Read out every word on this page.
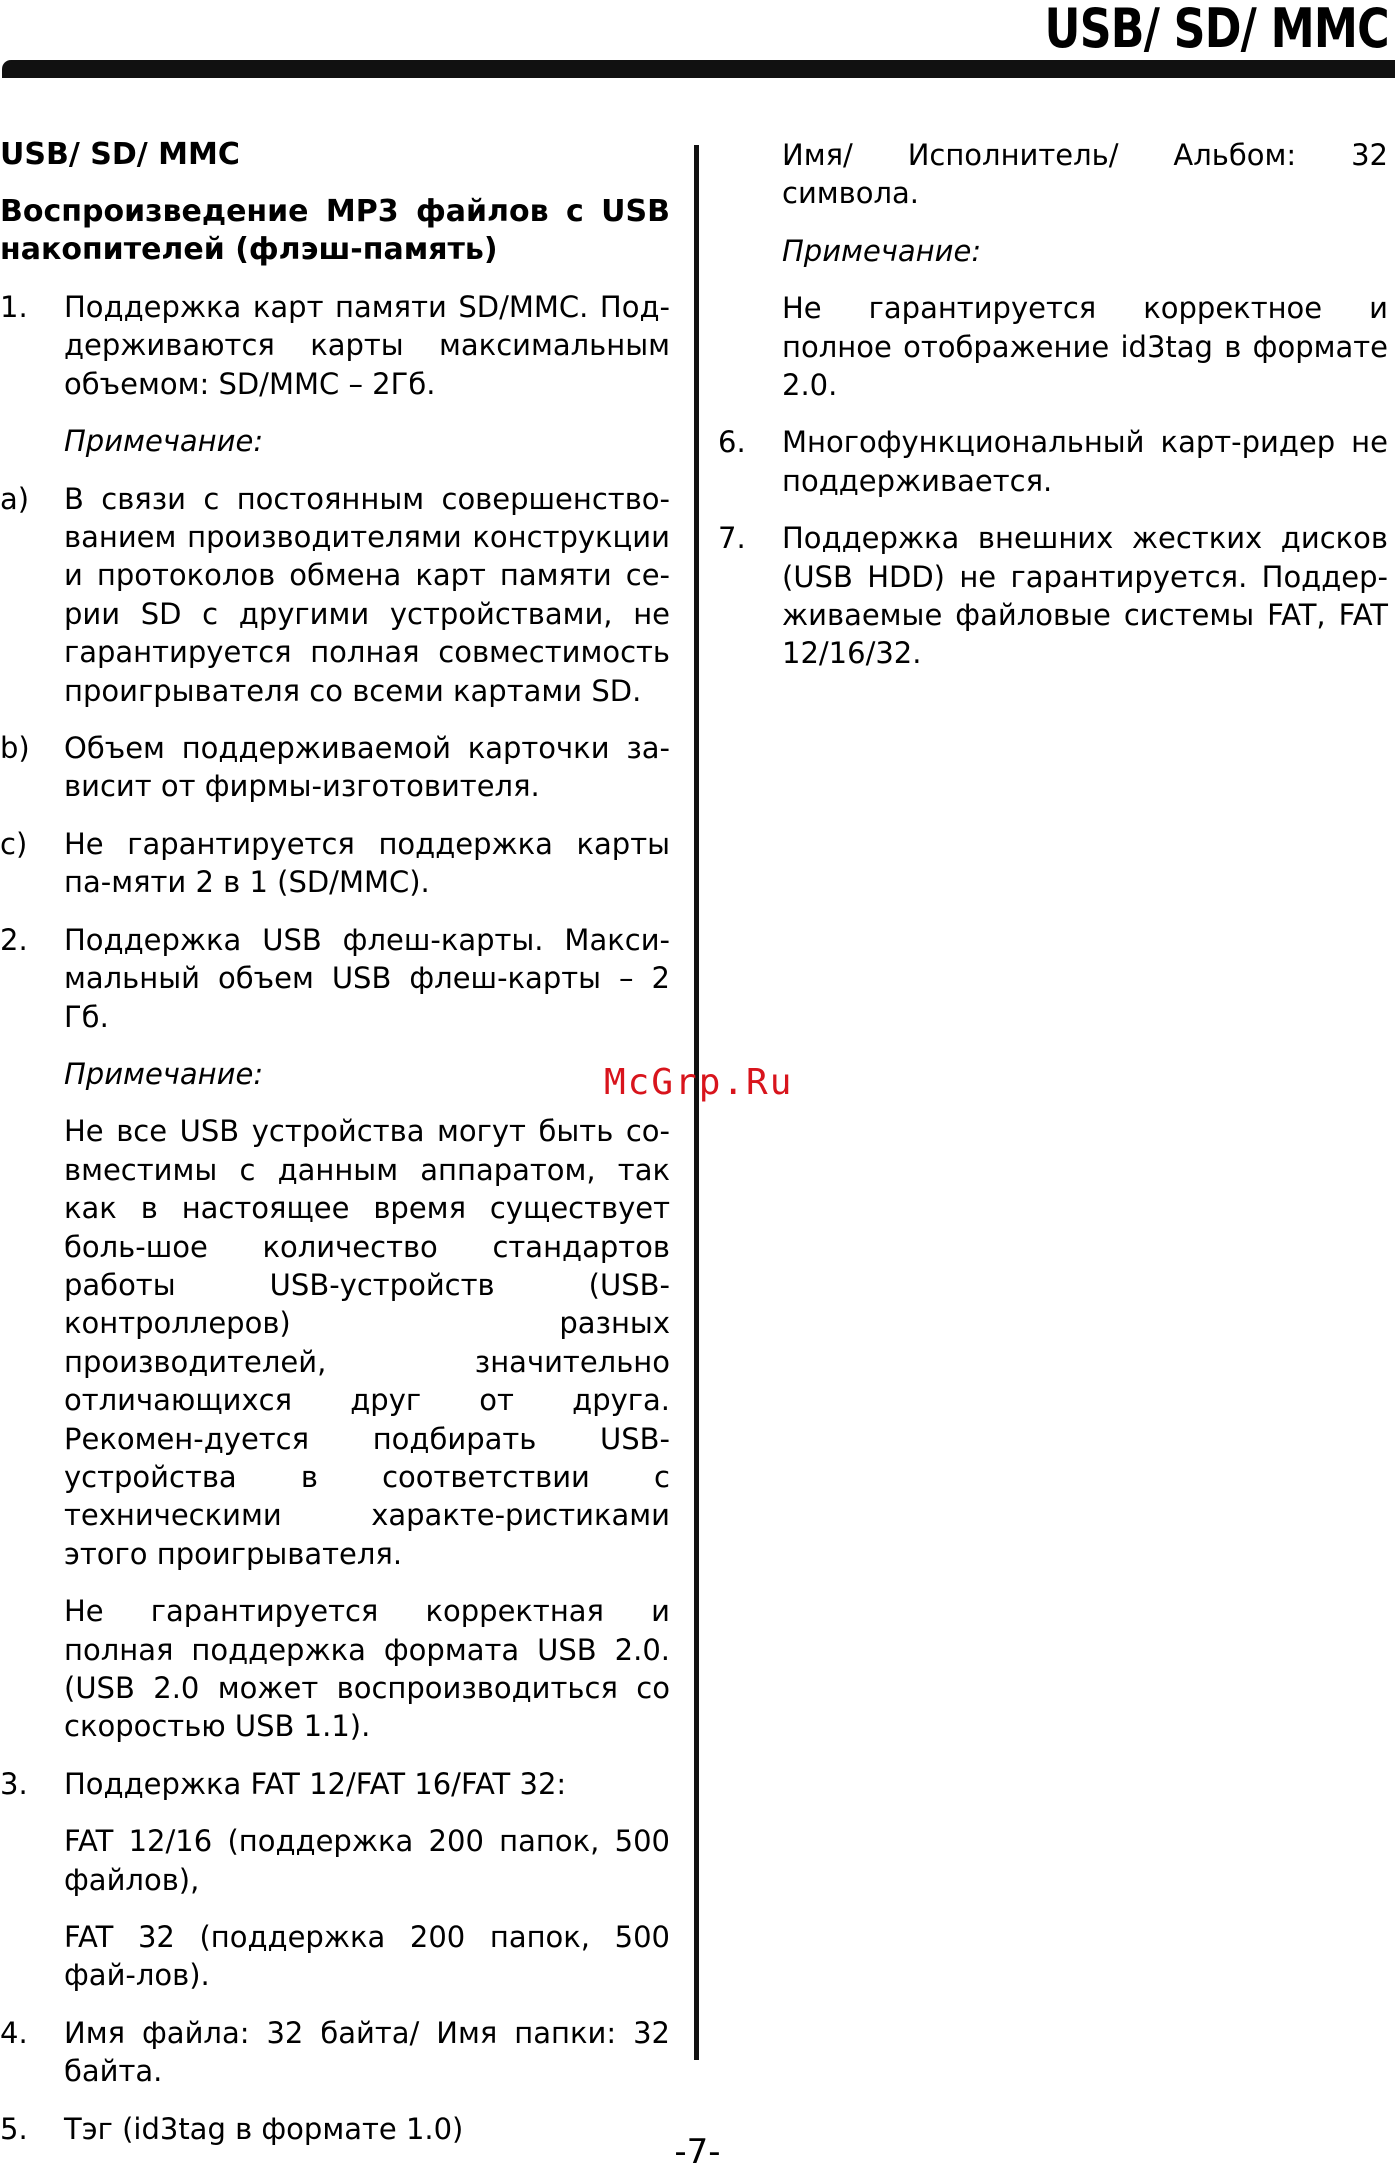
USB/ SD/ MMC
USB/ SD/ MMC
Воспроизведение MP3 файлов с USB накопителей (флэш-память)
1.	Поддержка карт памяти SD/MMC. Под-держиваются карты максимальным объемом: SD/MMC – 2Гб.
Примечание:
a)	В связи с постоянным совершенство-ванием производителями конструкции и протоколов обмена карт памяти се-рии SD с другими устройствами, не гарантируется полная совместимость проигрывателя со всеми картами SD.
b)	Объем поддерживаемой карточки за-висит от фирмы-изготовителя.
c)	Не гарантируется поддержка карты па-мяти 2 в 1 (SD/MMC).
2.	Поддержка USB флеш-карты. Макси-мальный объем USB флеш-карты – 2 Гб.
Примечание:
Не все USB устройства могут быть со-вместимы с данным аппаратом, так как в настоящее время существует боль-шое количество стандартов работы USB-устройств (USB-контроллеров) разных производителей, значительно отличающихся друг от друга. Рекомен-дуется подбирать USB-устройства в соответствии с техническими характе-ристиками этого проигрывателя.
Не гарантируется корректная и полная поддержка формата USB 2.0. (USB 2.0 может воспроизводиться со скоростью USB 1.1).
3.	Поддержка FAT 12/FAT 16/FAT 32:
FAT 12/16 (поддержка 200 папок, 500 файлов),
FAT 32 (поддержка 200 папок, 500 фай-лов).
4.	Имя файла: 32 байта/ Имя папки: 32 байта.
5.	Тэг (id3tag в формате 1.0)
Имя/ Исполнитель/ Альбом: 32 символа.
Примечание:
Не гарантируется корректное и полное отображение id3tag в формате 2.0.
6.	Многофункциональный карт-ридер не поддерживается.
7.	Поддержка внешних жестких дисков (USB HDD) не гарантируется. Поддер-живаемые файловые системы FAT, FAT 12/16/32.
McGrp.Ru
-7-
